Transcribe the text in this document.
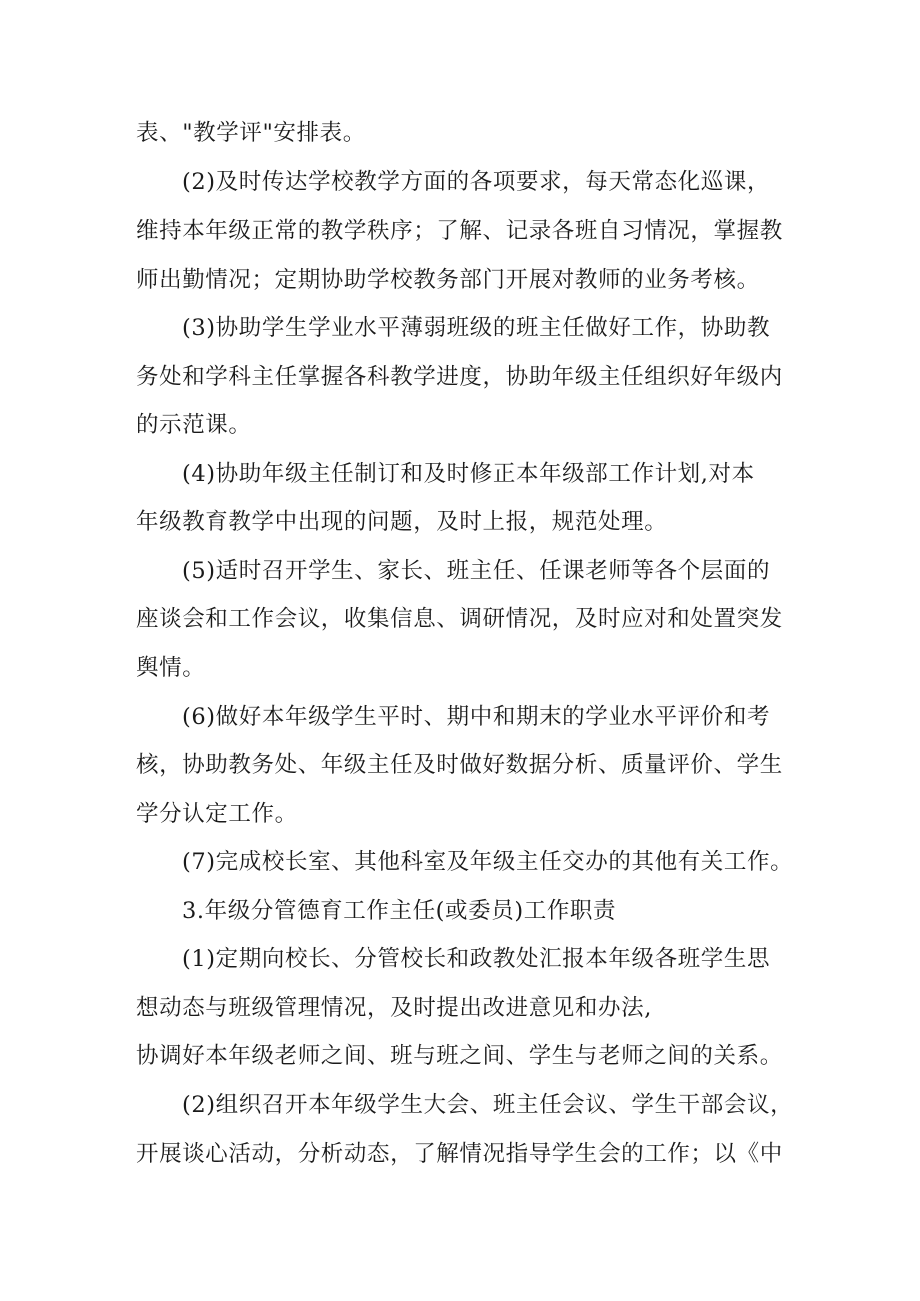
表、"教学评"安排表。
(2)及时传达学校教学方面的各项要求，每天常态化巡课，
维持本年级正常的教学秩序；了解、记录各班自习情况，掌握教
师出勤情况；定期协助学校教务部门开展对教师的业务考核。
(3)协助学生学业水平薄弱班级的班主任做好工作，协助教
务处和学科主任掌握各科教学进度，协助年级主任组织好年级内
的示范课。
(4)协助年级主任制订和及时修正本年级部工作计划,对本
年级教育教学中出现的问题，及时上报，规范处理。
(5)适时召开学生、家长、班主任、任课老师等各个层面的
座谈会和工作会议，收集信息、调研情况，及时应对和处置突发
舆情。
(6)做好本年级学生平时、期中和期末的学业水平评价和考
核，协助教务处、年级主任及时做好数据分析、质量评价、学生
学分认定工作。
(7)完成校长室、其他科室及年级主任交办的其他有关工作。
3.年级分管德育工作主任(或委员)工作职责
(1)定期向校长、分管校长和政教处汇报本年级各班学生思
想动态与班级管理情况，及时提出改进意见和办法,
协调好本年级老师之间、班与班之间、学生与老师之间的关系。
(2)组织召开本年级学生大会、班主任会议、学生干部会议，
开展谈心活动，分析动态，了解情况指导学生会的工作；以《中
